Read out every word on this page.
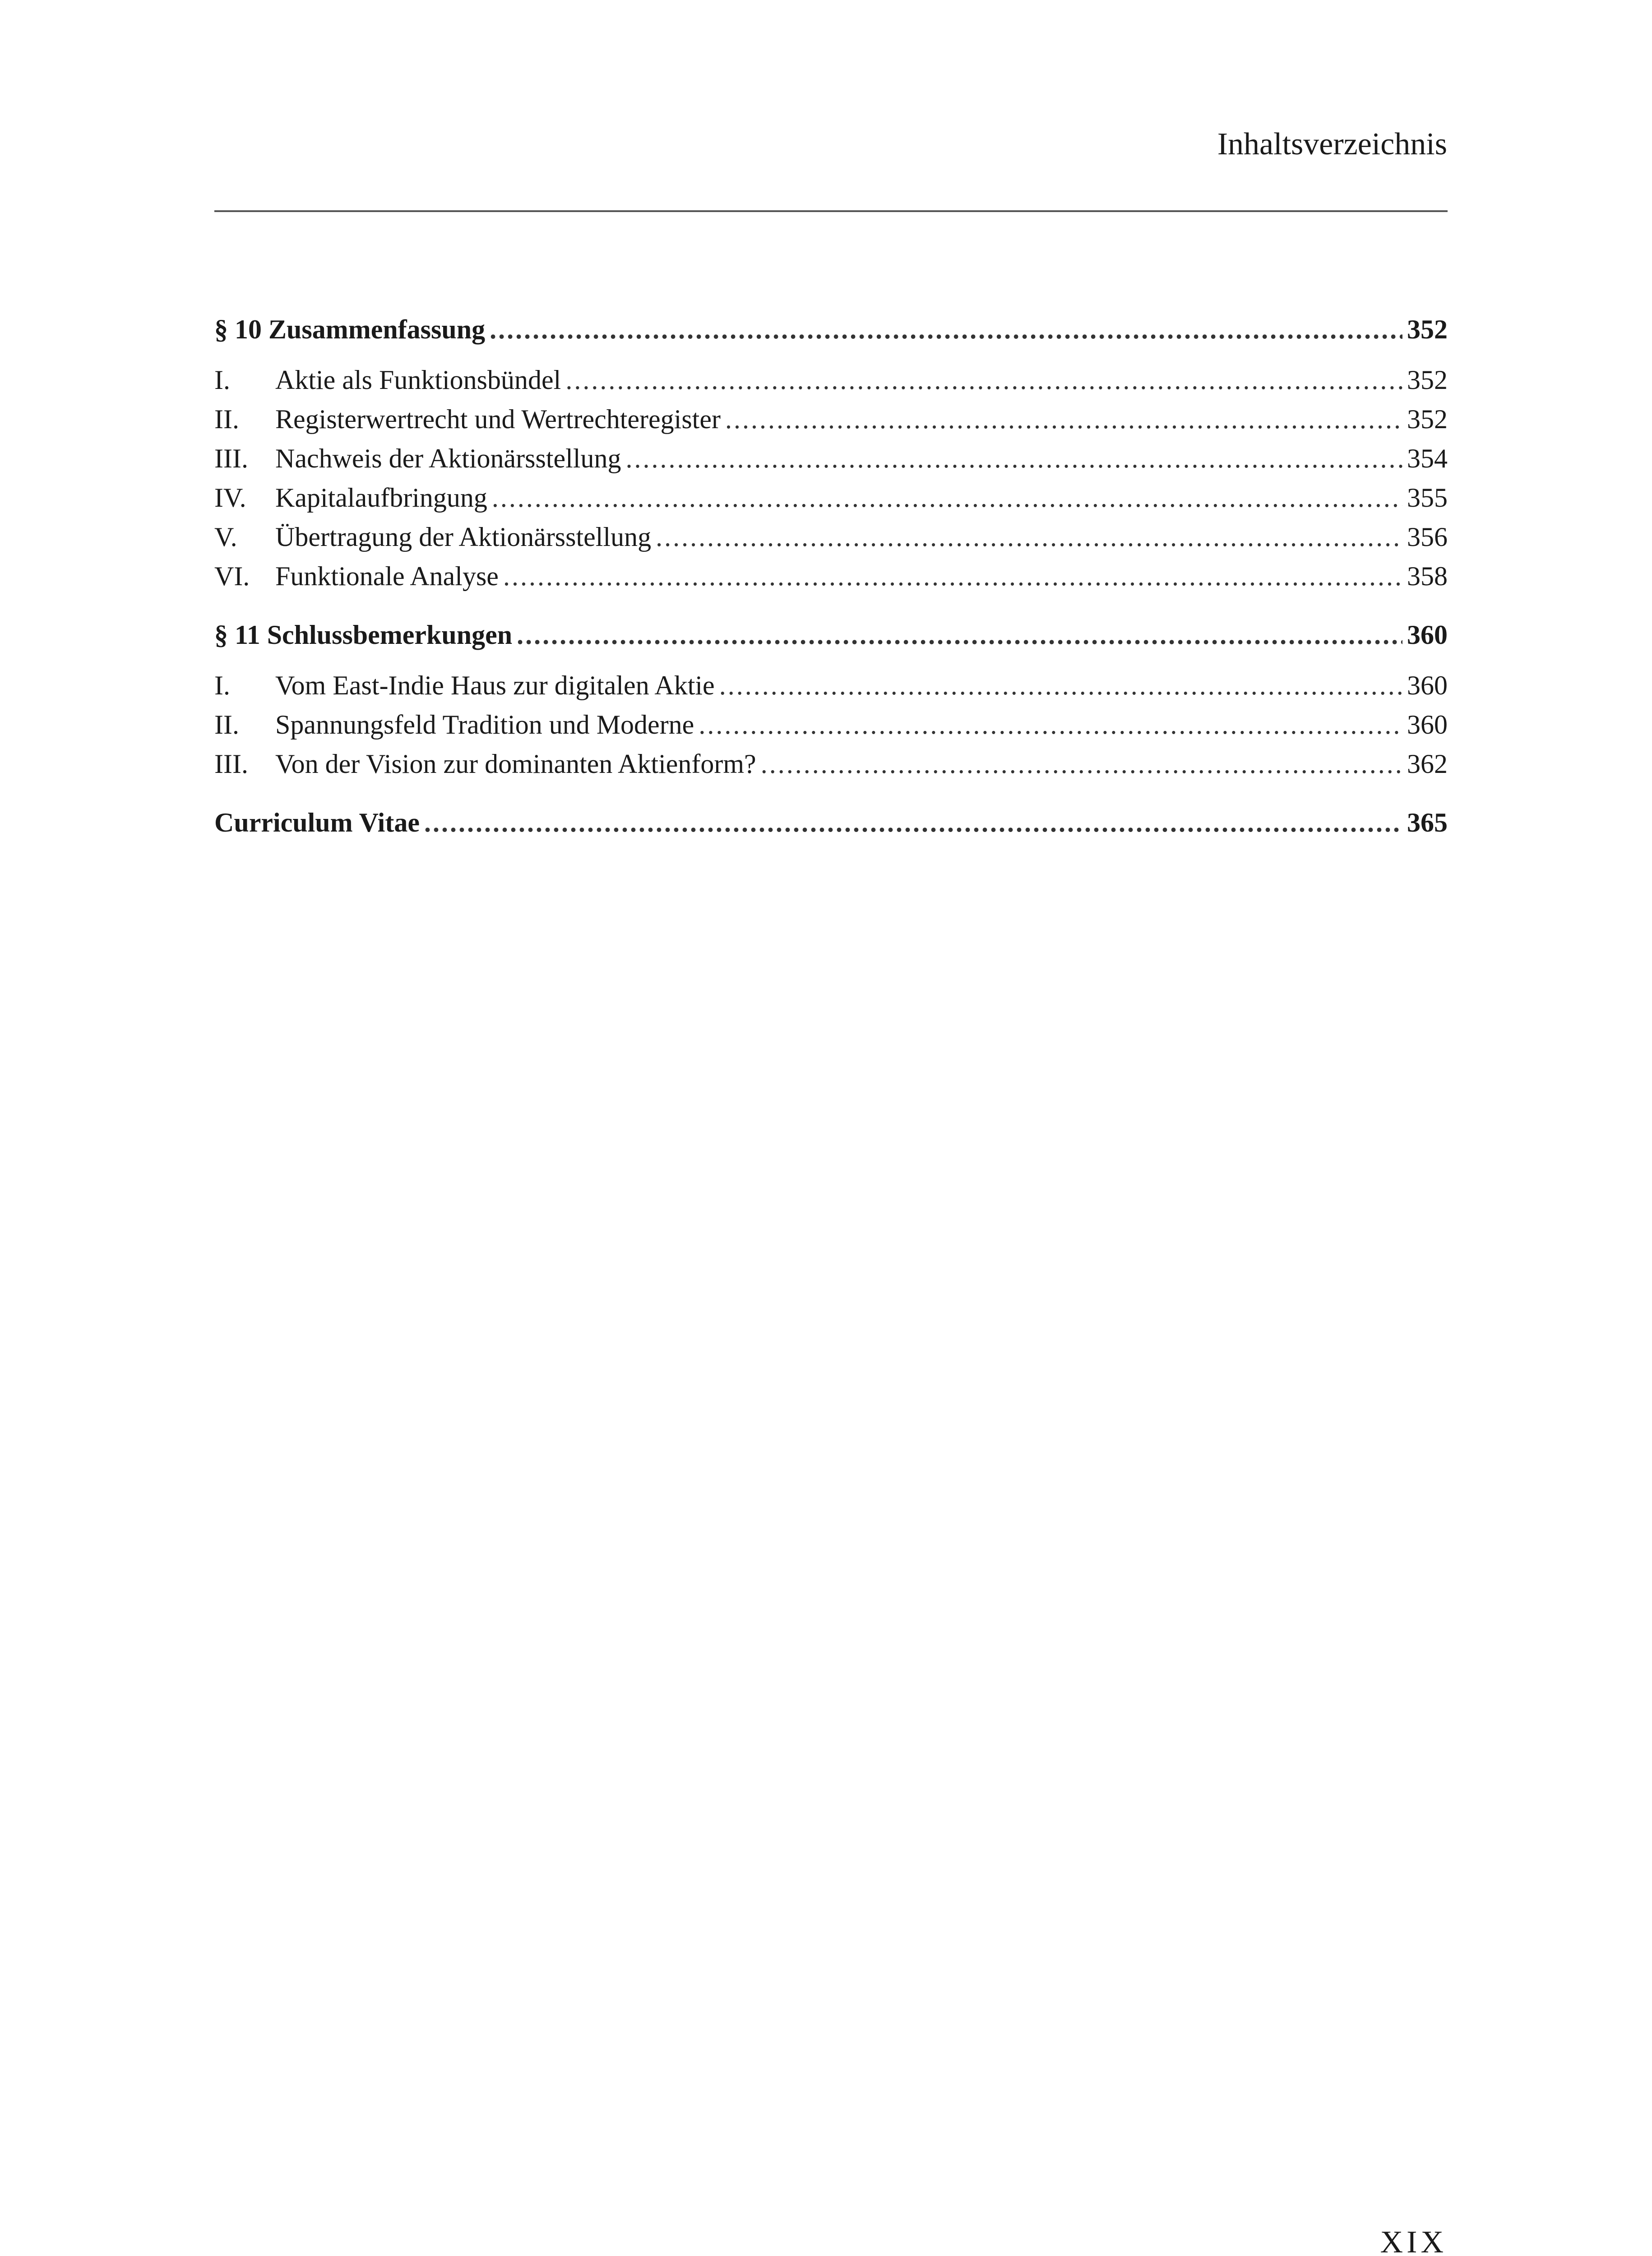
Inhaltsverzeichnis
§ 10 Zusammenfassung .....	352
I.	Aktie als Funktionsbündel .....	352
II.	Registerwertrecht und Wertrechteregister .....	352
III.	Nachweis der Aktionärsstellung .....	354
IV.	Kapitalaufbringung .....	355
V.	Übertragung der Aktionärsstellung .....	356
VI. Funktionale Analyse .....	358
§ 11 Schlussbemerkungen .....	360
I.	Vom East-Indie Haus zur digitalen Aktie .....	360
II.	Spannungsfeld Tradition und Moderne .....	360
III.	Von der Vision zur dominanten Aktienform? .....	362
Curriculum Vitae .....	365
XIX
